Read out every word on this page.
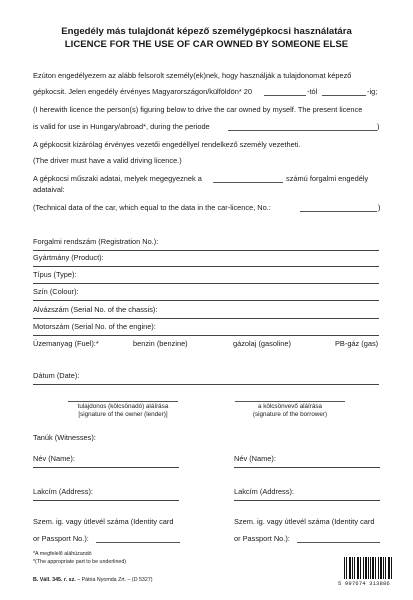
Engedély más tulajdonát képező személygépkocsi használatára
LICENCE FOR THE USE OF CAR OWNED BY SOMEONE ELSE
Ezúton engedélyezem az alább felsorolt személy(ek)nek, hogy használják a tulajdonomat képező
gépkocsit. Jelen engedély érvényes Magyarországon/külföldön* 20	-tól	-ig;
(I herewith licence the person(s) figuring below to drive the car owned by myself. The present licence
is valid for use in Hungary/abroad*, during the periode	)
A gépkocsit kizárólag érvényes vezetői engedéllyel rendelkező személy vezetheti.
(The driver must have a valid driving licence.)
A gépkocsi műszaki adatai, melyek megegyeznek a	számú forgalmi engedély
adataival:
(Technical data of the car, which equal to the data in the car-licence, No.:	)
Forgalmi rendszám (Registration No.):
Gyártmány (Product):
Típus (Type):
Szín (Colour):
Alvázszám (Serial No. of the chassis):
Motorszám (Serial No. of the engine):
Üzemanyag (Fuel):*	benzin (benzine)	gázolaj (gasoline)	PB-gáz (gas)
Dátum (Date):
tulajdonos (kölcsönadó) aláírása
[signature of the owner (lender)]
a kölcsönvevő aláírása
(signature of the borrower)
Tanúk (Witnesses):
Név (Name):	Név (Name):
Lakcím (Address):	Lakcím (Address):
Szem. ig. vagy útlevél száma (Identity card
or Passport No.):
Szem. ig. vagy útlevél száma (Identity card
or Passport No.):
*A megfelelő aláhúzandó
*(The appropriate part to be underlined)
B. Váll. 345. r. sz. – Pátria Nyomda Zrt. – (D 5327)	5 997674 313886
